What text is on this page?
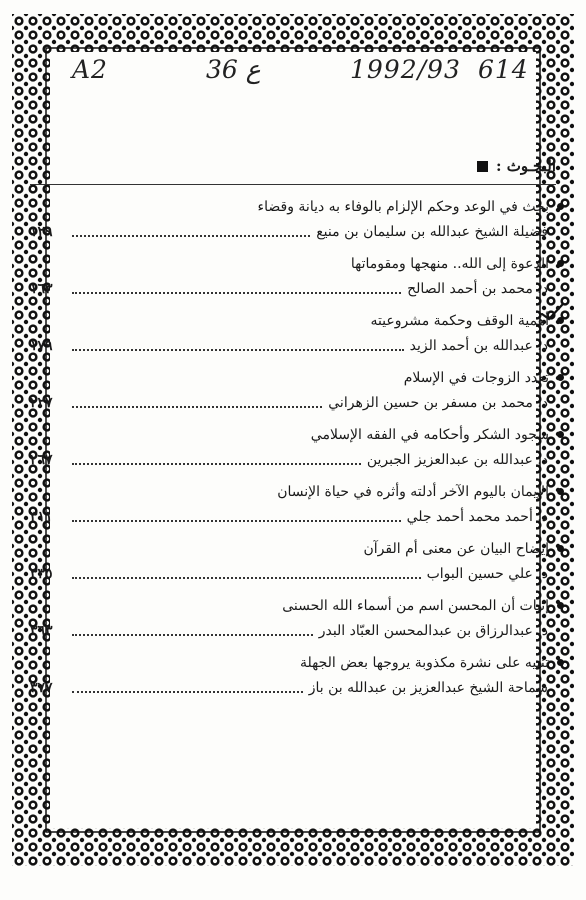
A2	36 ع	1992/93 614
البحـوث :
بحث في الوعد وحكم الإلزام بالوفاء به ديانة وقضاء
فضيلة الشيخ عبدالله بن سليمان بن منيع
١٢٩
الدعوة إلى الله.. منهجها ومقوماتها
د. محمد بن أحمد الصالح
١٦٣
أهمية الوقف وحكمة مشروعيته
د. عبدالله بن أحمد الزيد
١٧٩
تعدد الزوجات في الإسلام
د. محمد بن مسفر بن حسين الزهراني
٢٢٧
سجود الشكر وأحكامه في الفقه الإسلامي
د. عبدالله بن عبدالعزيز الجبرين
٢٦٧
الإيمان باليوم الآخر أدلته وأثره في حياة الإنسان
د. أحمد محمد أحمد جلي
٣١١
إيضاح البيان عن معنى أم القرآن
د. علي حسين البواب
٣٣٥
إثبات أن المحسن اسم من أسماء الله الحسنى
د. عبدالرزاق بن عبدالمحسن العبّاد البدر
٣٦٣
تنبيه على نشرة مكذوبة يروجها بعض الجهلة
سماحة الشيخ عبدالعزيز بن عبدالله بن باز
٣٧٧
